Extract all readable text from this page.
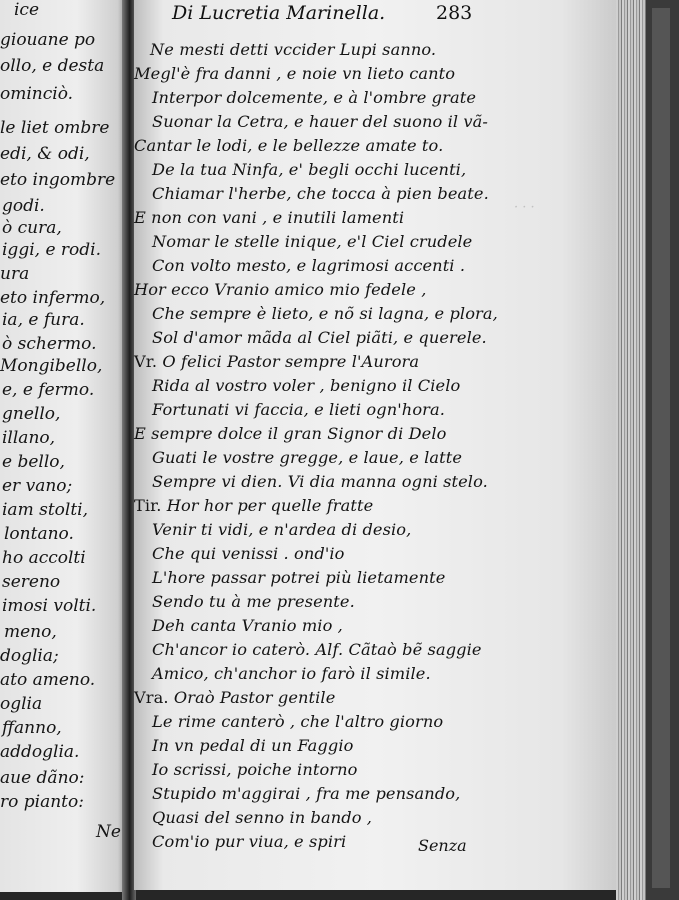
ice
giouane po
ollo, e desta
ominciò.
le liet ombre
edi, & odi,
eto ingombre
godi.
ò cura,
iggi, e rodi.
ura
eto infermo,
ia, e fura.
ò schermo.
Mongibello,
e, e fermo.
gnello,
illano,
e bello,
er vano;
iam stolti,
lontano.
ho accolti
sereno
imosi volti.
meno,
doglia;
ato ameno.
oglia
ffanno,
addoglia.
aue dãno:
ro pianto:
Ne
· · ·
Di Lucretia Marinella.	283
Ne mesti detti vccider Lupi sanno.
Megl'è fra danni , e noie vn lieto canto
Interpor dolcemente, e à l'ombre grate
Suonar la Cetra, e hauer del suono il vã-
Cantar le lodi, e le bellezze amate to.
De la tua Ninfa, e' begli occhi lucenti,
Chiamar l'herbe, che tocca à pien beate.
E non con vani , e inutili lamenti
Nomar le stelle inique, e'l Ciel crudele
Con volto mesto, e lagrimosi accenti .
Hor ecco Vranio amico mio fedele ,
Che sempre è lieto, e nõ si lagna, e plora,
Sol d'amor mãda al Ciel piãti, e querele.
Vr. O felici Pastor sempre l'Aurora
Rida al vostro voler , benigno il Cielo
Fortunati vi faccia, e lieti ogn'hora.
E sempre dolce il gran Signor di Delo
Guati le vostre gregge, e laue, e latte
Sempre vi dien. Vi dia manna ogni stelo.
Tir. Hor hor per quelle fratte
Venir ti vidi, e n'ardea di desio,
Che qui venissi . ond'io
L'hore passar potrei più lietamente
Sendo tu à me presente.
Deh canta Vranio mio ,
Ch'ancor io caterò. Alf. Cãtaò bẽ saggie
Amico, ch'anchor io farò il simile.
Vra. Oraò Pastor gentile
Le rime canterò , che l'altro giorno
In vn pedal di un Faggio
Io scrissi, poiche intorno
Stupido m'aggirai , fra me pensando,
Quasi del senno in bando ,
Com'io pur viua, e spiri	Senza
